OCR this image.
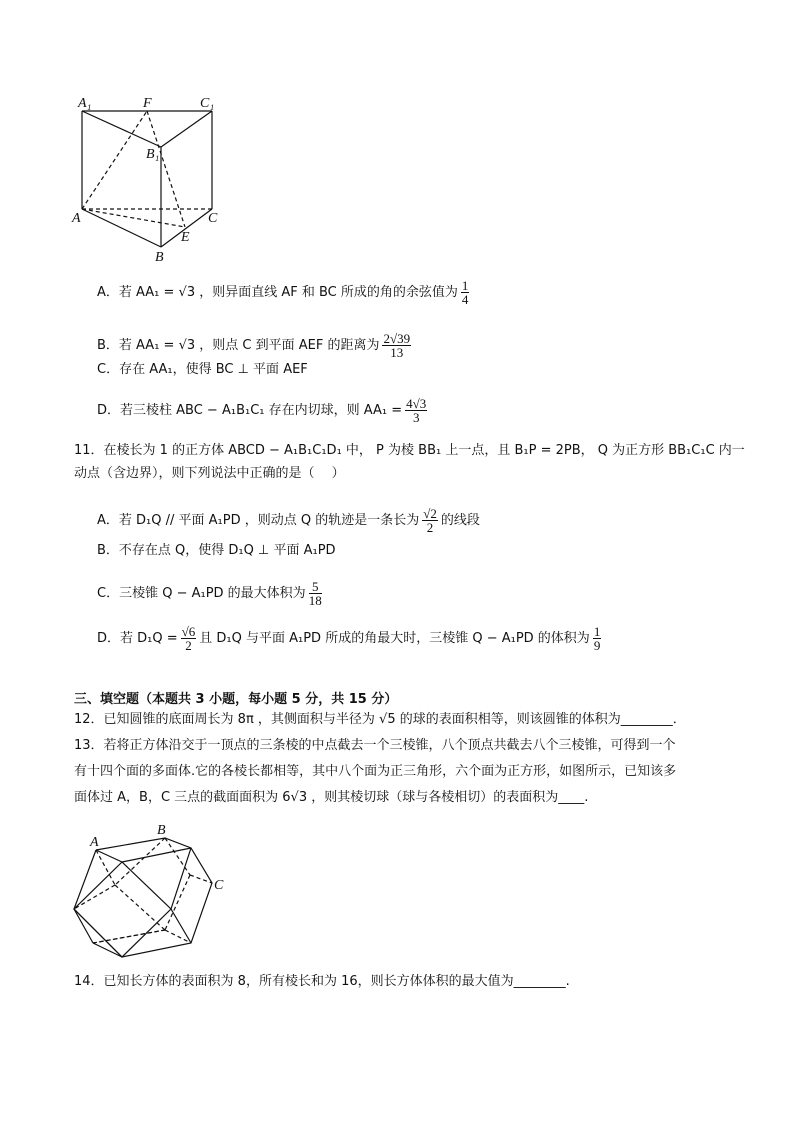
A₁	F	C₁
B₁
A	C
E
B
A．若 AA₁ = √3 ，则异面直线 AF 和 BC 所成的角的余弦值为 $\frac{1}{4}$
B．若 AA₁ = √3 ，则点 C 到平面 AEF 的距离为 $\frac{2√39}{13}$
C．存在 AA₁，使得 BC ⊥ 平面 AEF
D．若三棱柱 ABC − A₁B₁C₁ 存在内切球，则 $AA_1 = \frac{4√3}{3}$
11．在棱长为 1 的正方体 ABCD − A₁B₁C₁D₁ 中， P 为棱 BB₁ 上一点，且 B₁P = 2PB， Q 为正方形 BB₁C₁C 内一
动点（含边界），则下列说法中正确的是（　 ）
A．若 D₁Q // 平面 A₁PD ，则动点 Q 的轨迹是一条长为 $\frac{√2}{2}$ 的线段
B．不存在点 Q，使得 D₁Q ⊥ 平面 A₁PD
C．三棱锥 Q − A₁PD 的最大体积为 $\frac{5}{18}$
D．若 $D_1Q = \frac{√6}{2}$ 且 D₁Q 与平面 A₁PD 所成的角最大时，三棱锥 Q − A₁PD 的体积为 $\frac{1}{9}$
三、填空题（本题共 3 小题，每小题 5 分，共 15 分）
12．已知圆锥的底面周长为 8π ，其侧面积与半径为 √5 的球的表面积相等，则该圆锥的体积为________．
13．若将正方体沿交于一顶点的三条棱的中点截去一个三棱锥，八个顶点共截去八个三棱锥，可得到一个
有十四个面的多面体.它的各棱长都相等，其中八个面为正三角形，六个面为正方形，如图所示，已知该多
面体过 A，B，C 三点的截面面积为 6√3 ，则其棱切球（球与各棱相切）的表面积为____.
A
B
C
14．已知长方体的表面积为 8，所有棱长和为 16，则长方体体积的最大值为________.
